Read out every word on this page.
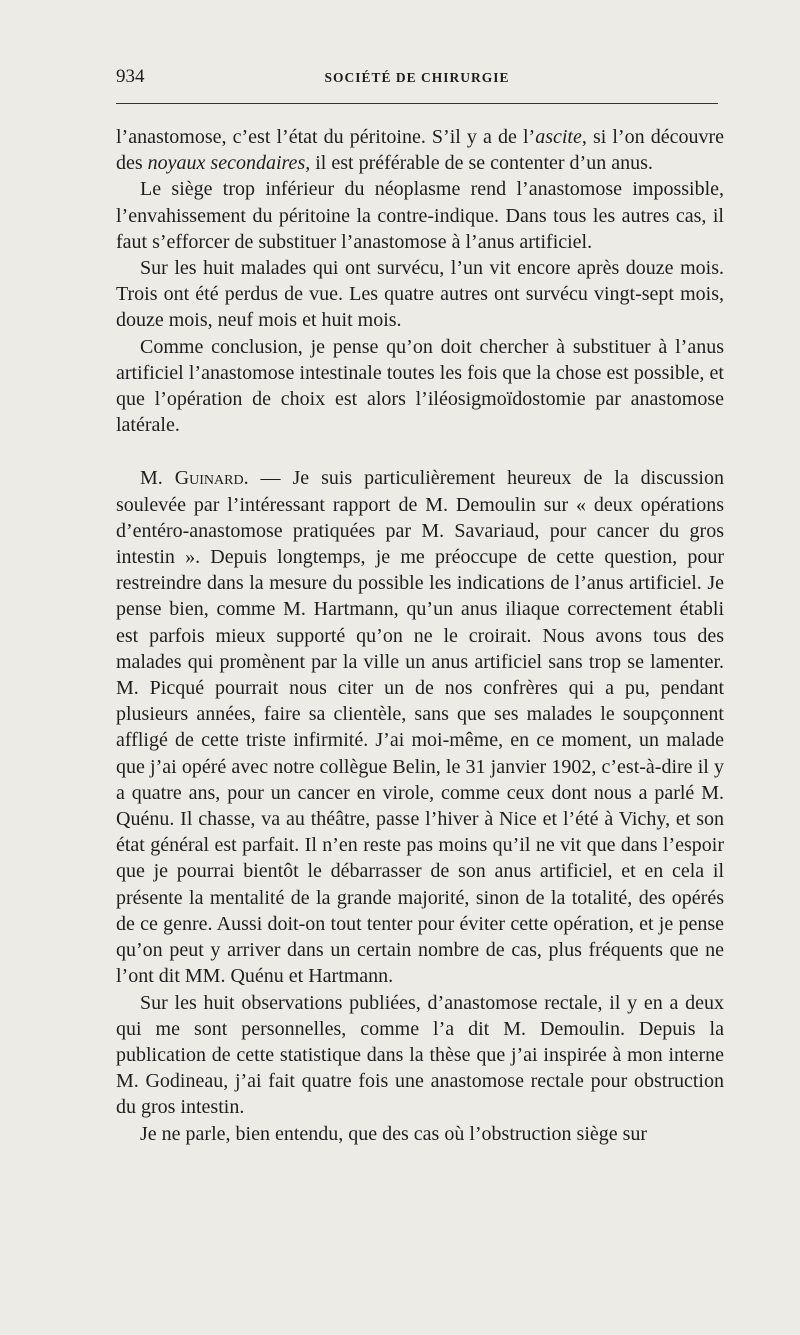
934	SOCIÉTÉ DE CHIRURGIE

l’anastomose, c’est l’état du péritoine. S’il y a de l’ascite, si l’on découvre des noyaux secondaires, il est préférable de se contenter d’un anus.

Le siège trop inférieur du néoplasme rend l’anastomose impossible, l’envahissement du péritoine la contre-indique. Dans tous les autres cas, il faut s’efforcer de substituer l’anastomose à l’anus artificiel.

Sur les huit malades qui ont survécu, l’un vit encore après douze mois. Trois ont été perdus de vue. Les quatre autres ont survécu vingt-sept mois, douze mois, neuf mois et huit mois.

Comme conclusion, je pense qu’on doit chercher à substituer à l’anus artificiel l’anastomose intestinale toutes les fois que la chose est possible, et que l’opération de choix est alors l’iléosigmoïdostomie par anastomose latérale.

M. Guinard. — Je suis particulièrement heureux de la discussion soulevée par l’intéressant rapport de M. Demoulin sur « deux opérations d’entéro-anastomose pratiquées par M. Savariaud, pour cancer du gros intestin ». Depuis longtemps, je me préoccupe de cette question, pour restreindre dans la mesure du possible les indications de l’anus artificiel. Je pense bien, comme M. Hartmann, qu’un anus iliaque correctement établi est parfois mieux supporté qu’on ne le croirait. Nous avons tous des malades qui promènent par la ville un anus artificiel sans trop se lamenter. M. Picqué pourrait nous citer un de nos confrères qui a pu, pendant plusieurs années, faire sa clientèle, sans que ses malades le soupçonnent affligé de cette triste infirmité. J’ai moi-même, en ce moment, un malade que j’ai opéré avec notre collègue Belin, le 31 janvier 1902, c’est-à-dire il y a quatre ans, pour un cancer en virole, comme ceux dont nous a parlé M. Quénu. Il chasse, va au théâtre, passe l’hiver à Nice et l’été à Vichy, et son état général est parfait. Il n’en reste pas moins qu’il ne vit que dans l’espoir que je pourrai bientôt le débarrasser de son anus artificiel, et en cela il présente la mentalité de la grande majorité, sinon de la totalité, des opérés de ce genre. Aussi doit-on tout tenter pour éviter cette opération, et je pense qu’on peut y arriver dans un certain nombre de cas, plus fréquents que ne l’ont dit MM. Quénu et Hartmann.

Sur les huit observations publiées, d’anastomose rectale, il y en a deux qui me sont personnelles, comme l’a dit M. Demoulin. Depuis la publication de cette statistique dans la thèse que j’ai inspirée à mon interne M. Godineau, j’ai fait quatre fois une anastomose rectale pour obstruction du gros intestin.

Je ne parle, bien entendu, que des cas où l’obstruction siège sur
